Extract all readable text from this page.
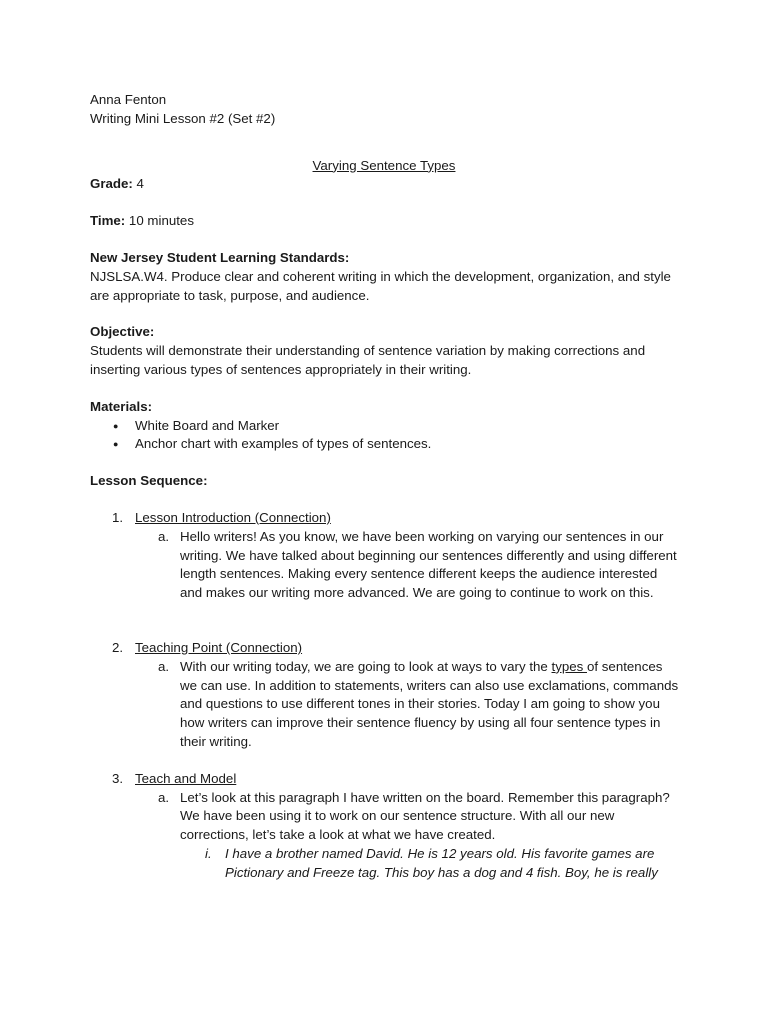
Anna Fenton
Writing Mini Lesson #2 (Set #2)
Varying Sentence Types
Grade: 4
Time: 10 minutes
New Jersey Student Learning Standards:
NJSLSA.W4. Produce clear and coherent writing in which the development, organization, and style are appropriate to task, purpose, and audience.
Objective:
Students will demonstrate their understanding of sentence variation by making corrections and inserting various types of sentences appropriately in their writing.
Materials:
● White Board and Marker
● Anchor chart with examples of types of sentences.
Lesson Sequence:
1. Lesson Introduction (Connection)
a. Hello writers! As you know, we have been working on varying our sentences in our writing. We have talked about beginning our sentences differently and using different length sentences. Making every sentence different keeps the audience interested and makes our writing more advanced. We are going to continue to work on this.
2. Teaching Point (Connection)
a. With our writing today, we are going to look at ways to vary the types of sentences we can use. In addition to statements, writers can also use exclamations, commands and questions to use different tones in their stories. Today I am going to show you how writers can improve their sentence fluency by using all four sentence types in their writing.
3. Teach and Model
a. Let’s look at this paragraph I have written on the board. Remember this paragraph? We have been using it to work on our sentence structure. With all our new corrections, let’s take a look at what we have created.
i. I have a brother named David. He is 12 years old. His favorite games are Pictionary and Freeze tag. This boy has a dog and 4 fish. Boy, he is really
